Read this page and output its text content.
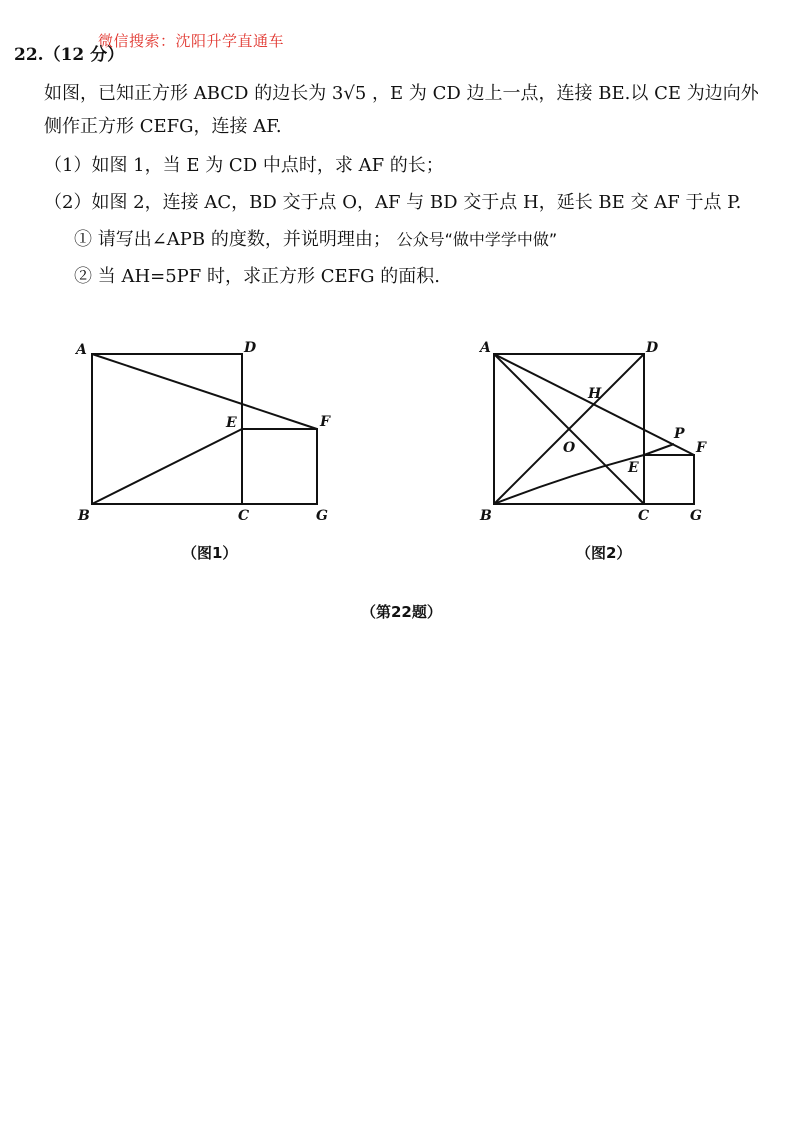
微信搜索：沈阳升学直通车
22.（12 分）
如图，已知正方形 ABCD 的边长为 3√5 ，E 为 CD 边上一点，连接 BE.以 CE 为边向外
侧作正方形 CEFG，连接 AF.
（1）如图 1，当 E 为 CD 中点时，求 AF 的长；
（2）如图 2，连接 AC，BD 交于点 O，AF 与 BD 交于点 H，延长 BE 交 AF 于点 P.
① 请写出∠APB 的度数，并说明理由； 公众号“做中学学中做”
② 当 AH=5PF 时，求正方形 CEFG 的面积.
A	D
E	F
B	C	G
A	D
H
O
P
F
E
B	C	G
（图1）	（图2）
（第22题）
